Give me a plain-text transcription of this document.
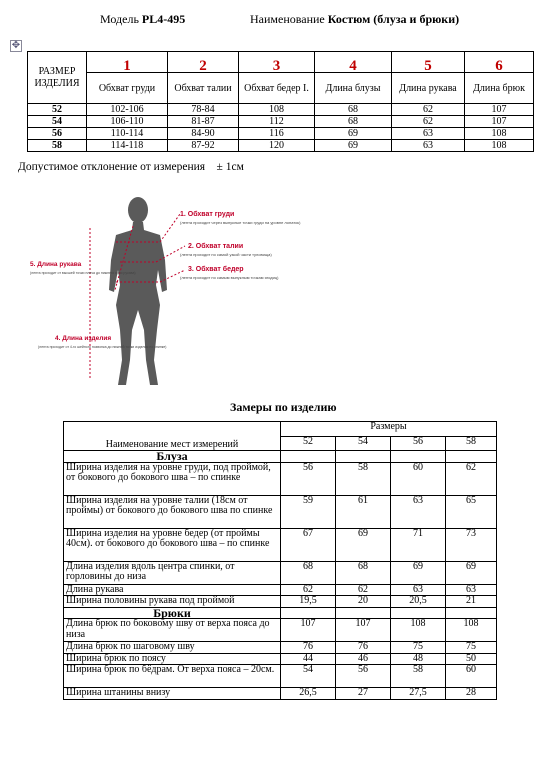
Модель PL4-495	Наименование Костюм (блуза и брюки)
✥
РАЗМЕР ИЗДЕЛИЯ	1	2	3	4	5	6
	Обхват груди	Обхват талии	Обхват бедер I.	Длина блузы	Длина рукава	Длина брюк
52	102-106	78-84	108	68	62	107
54	106-110	81-87	112	68	62	107
56	110-114	84-90	116	69	63	108
58	114-118	87-92	120	69	63	108
Допустимое отклонение от измерения ± 1см
1. Обхват груди
(лента проходит через выпуклые точки груди на уровне лопаток)
2. Обхват талии
(лента проходит по самой узкой части туловища)
3. Обхват бедер
(лента проходит по самым выпуклым точкам ягодиц)
5. Длина рукава
(лента проходит от высшей точки плеча до нижнего края рукава)
4. Длина изделия
(лента проходит от 4-го шейного позвонка до нижней точки изделия по спинке)
Замеры по изделию
Наименование мест измерений	Размеры			
	52	54	56	58
Блуза				
Ширина изделия на уровне груди, под проймой, от бокового до бокового шва – по спинке	56	58	60	62
Ширина изделия на уровне талии (18см от проймы) от бокового до бокового шва по спинке	59	61	63	65
Ширина изделия на уровне бедер (от проймы 40см). от бокового до бокового шва – по спинке	67	69	71	73
Длина изделия вдоль центра спинки, от горловины до низа	68	68	69	69
Длина рукава	62	62	63	63
Ширина половины рукава под проймой	19,5	20	20,5	21
Брюки				
Длина брюк по боковому шву от верха пояса до низа	107	107	108	108
Длина брюк по шаговому шву	76	76	75	75
Ширина брюк по поясу	44	46	48	50
Ширина брюк по бёдрам. От верха пояса – 20см.	54	56	58	60
Ширина штанины внизу	26,5	27	27,5	28
